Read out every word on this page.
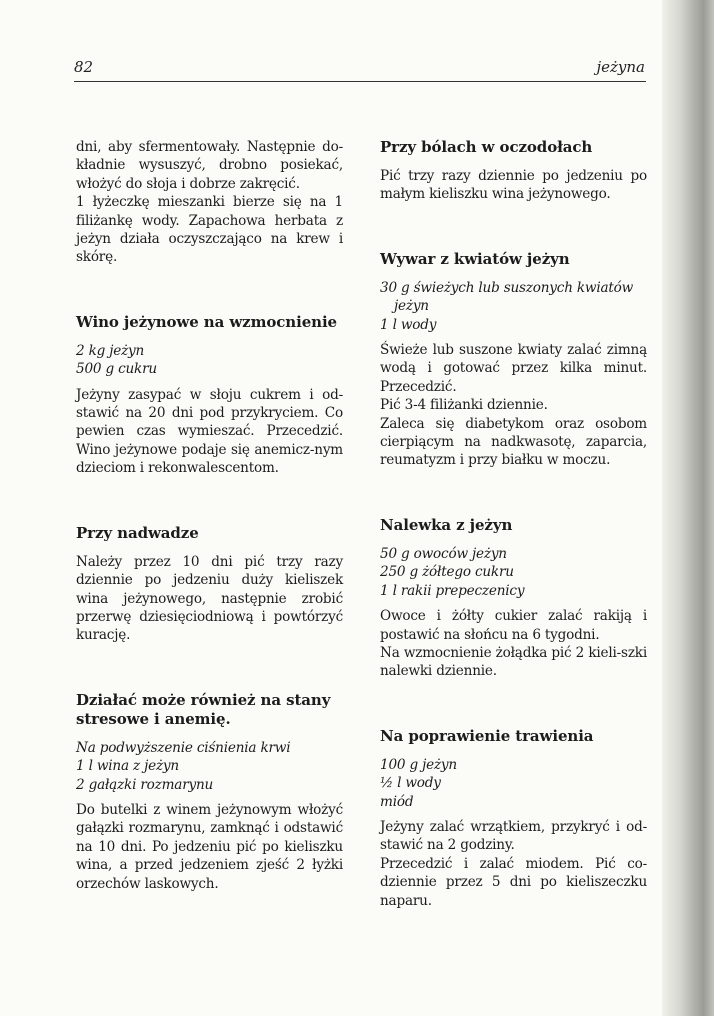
82	jeżyna

dni, aby sfermentowały. Następnie do-kładnie wysuszyć, drobno posiekać, włożyć do słoja i dobrze zakręcić.

1 łyżeczkę mieszanki bierze się na 1 filiżankę wody. Zapachowa herbata z jeżyn działa oczyszczająco na krew i skórę.

Wino jeżynowe na wzmocnienie

2 kg jeżyn

500 g cukru

Jeżyny zasypać w słoju cukrem i od-stawić na 20 dni pod przykryciem. Co pewien czas wymieszać. Przecedzić. Wino jeżynowe podaje się anemicz-nym dzieciom i rekonwalescentom.

Przy nadwadze

Należy przez 10 dni pić trzy razy dziennie po jedzeniu duży kieliszek wina jeżynowego, następnie zrobić przerwę dziesięciodniową i powtórzyć kurację.

Działać może również na stany stresowe i anemię.

Na podwyższenie ciśnienia krwi

1 l wina z jeżyn

2 gałązki rozmarynu

Do butelki z winem jeżynowym włożyć gałązki rozmarynu, zamknąć i odstawić na 10 dni. Po jedzeniu pić po kieliszku wina, a przed jedzeniem zjeść 2 łyżki orzechów laskowych.

Przy bólach w oczodołach

Pić trzy razy dziennie po jedzeniu po małym kieliszku wina jeżynowego.

Wywar z kwiatów jeżyn

30 g świeżych lub suszonych kwiatów

jeżyn

1 l wody

Świeże lub suszone kwiaty zalać zimną wodą i gotować przez kilka minut. Przecedzić.

Pić 3-4 filiżanki dziennie.

Zaleca się diabetykom oraz osobom cierpiącym na nadkwasotę, zaparcia, reumatyzm i przy białku w moczu.

Nalewka z jeżyn

50 g owoców jeżyn

250 g żółtego cukru

1 l rakii prepeczenicy

Owoce i żółty cukier zalać rakiją i postawić na słońcu na 6 tygodni.

Na wzmocnienie żołądka pić 2 kieli-szki nalewki dziennie.

Na poprawienie trawienia

100 g jeżyn

½ l wody

miód

Jeżyny zalać wrzątkiem, przykryć i od-stawić na 2 godziny.

Przecedzić i zalać miodem. Pić co-dziennie przez 5 dni po kieliszeczku naparu.
